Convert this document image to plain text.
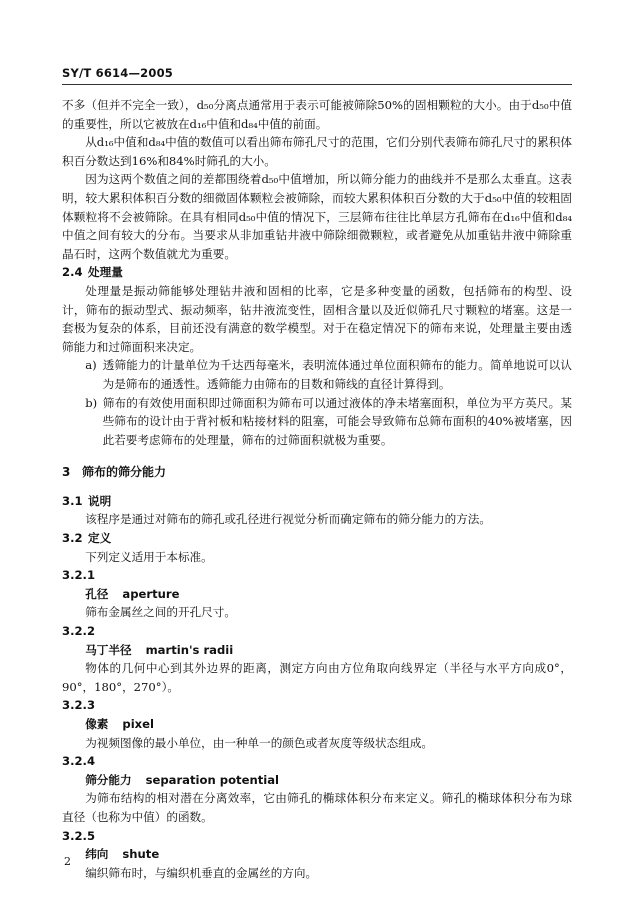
SY/T 6614—2005

不多（但并不完全一致），d₅₀分离点通常用于表示可能被筛除50%的固相颗粒的大小。由于d₅₀中值的重要性，所以它被放在d₁₆中值和d₈₄中值的前面。

从d₁₆中值和d₈₄中值的数值可以看出筛布筛孔尺寸的范围，它们分别代表筛布筛孔尺寸的累积体积百分数达到16%和84%时筛孔的大小。

因为这两个数值之间的差都围绕着d₅₀中值增加，所以筛分能力的曲线并不是那么太垂直。这表明，较大累积体积百分数的细微固体颗粒会被筛除，而较大累积体积百分数的大于d₅₀中值的较粗固体颗粒将不会被筛除。在具有相同d₅₀中值的情况下，三层筛布往往比单层方孔筛布在d₁₆中值和d₈₄中值之间有较大的分布。当要求从非加重钻井液中筛除细微颗粒，或者避免从加重钻井液中筛除重晶石时，这两个数值就尤为重要。

2.4 处理量

处理量是振动筛能够处理钻井液和固相的比率，它是多种变量的函数，包括筛布的构型、设计，筛布的振动型式、振动频率，钻井液流变性，固相含量以及近似筛孔尺寸颗粒的堵塞。这是一套极为复杂的体系，目前还没有满意的数学模型。对于在稳定情况下的筛布来说，处理量主要由透筛能力和过筛面积来决定。

a) 透筛能力的计量单位为千达西每毫米，表明流体通过单位面积筛布的能力。简单地说可以认为是筛布的通透性。透筛能力由筛布的目数和筛线的直径计算得到。

b) 筛布的有效使用面积即过筛面积为筛布可以通过液体的净未堵塞面积，单位为平方英尺。某些筛布的设计由于背衬板和粘接材料的阻塞，可能会导致筛布总筛布面积的40%被堵塞，因此若要考虑筛布的处理量，筛布的过筛面积就极为重要。

3 筛布的筛分能力

3.1 说明

该程序是通过对筛布的筛孔或孔径进行视觉分析而确定筛布的筛分能力的方法。

3.2 定义

下列定义适用于本标准。

3.2.1

孔径 aperture

筛布金属丝之间的开孔尺寸。

3.2.2

马丁半径 martin's radii

物体的几何中心到其外边界的距离，测定方向由方位角取向线界定（半径与水平方向成0°，90°，180°，270°）。

3.2.3

像素 pixel

为视频图像的最小单位，由一种单一的颜色或者灰度等级状态组成。

3.2.4

筛分能力 separation potential

为筛布结构的相对潜在分离效率，它由筛孔的椭球体积分布来定义。筛孔的椭球体积分布为球直径（也称为中值）的函数。

3.2.5

纬向 shute

编织筛布时，与编织机垂直的金属丝的方向。

2
